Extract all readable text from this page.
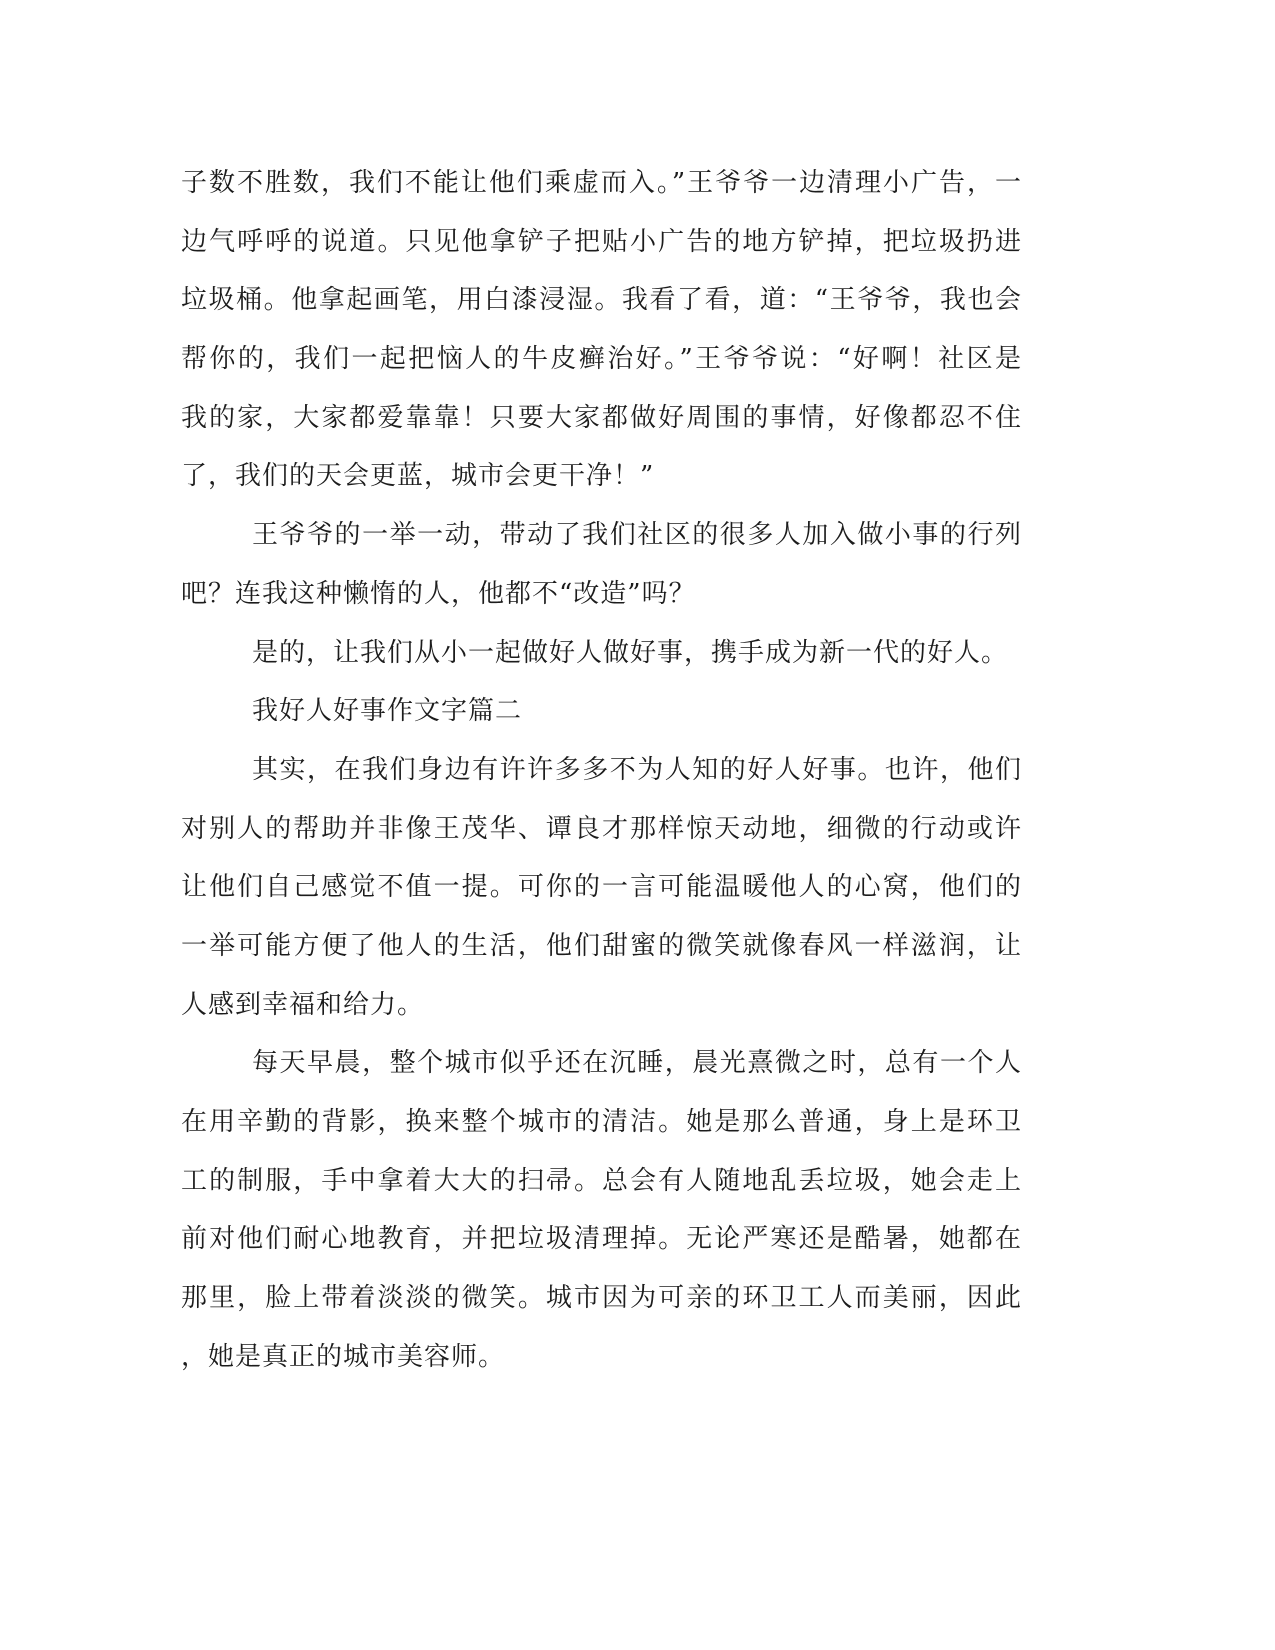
子数不胜数，我们不能让他们乘虚而入。”王爷爷一边清理小广告，一
边气呼呼的说道。只见他拿铲子把贴小广告的地方铲掉，把垃圾扔进
垃圾桶。他拿起画笔，用白漆浸湿。我看了看，道：“王爷爷，我也会
帮你的，我们一起把恼人的牛皮癣治好。”王爷爷说：“好啊！社区是
我的家，大家都爱靠靠！只要大家都做好周围的事情，好像都忍不住
了，我们的天会更蓝，城市会更干净！”
王爷爷的一举一动，带动了我们社区的很多人加入做小事的行列
吧？连我这种懒惰的人，他都不“改造”吗？
是的，让我们从小一起做好人做好事，携手成为新一代的好人。
我好人好事作文字篇二
其实，在我们身边有许许多多不为人知的好人好事。也许，他们
对别人的帮助并非像王茂华、谭良才那样惊天动地，细微的行动或许
让他们自己感觉不值一提。可你的一言可能温暖他人的心窝，他们的
一举可能方便了他人的生活，他们甜蜜的微笑就像春风一样滋润，让
人感到幸福和给力。
每天早晨，整个城市似乎还在沉睡，晨光熹微之时，总有一个人
在用辛勤的背影，换来整个城市的清洁。她是那么普通，身上是环卫
工的制服，手中拿着大大的扫帚。总会有人随地乱丢垃圾，她会走上
前对他们耐心地教育，并把垃圾清理掉。无论严寒还是酷暑，她都在
那里，脸上带着淡淡的微笑。城市因为可亲的环卫工人而美丽，因此
，她是真正的城市美容师。
